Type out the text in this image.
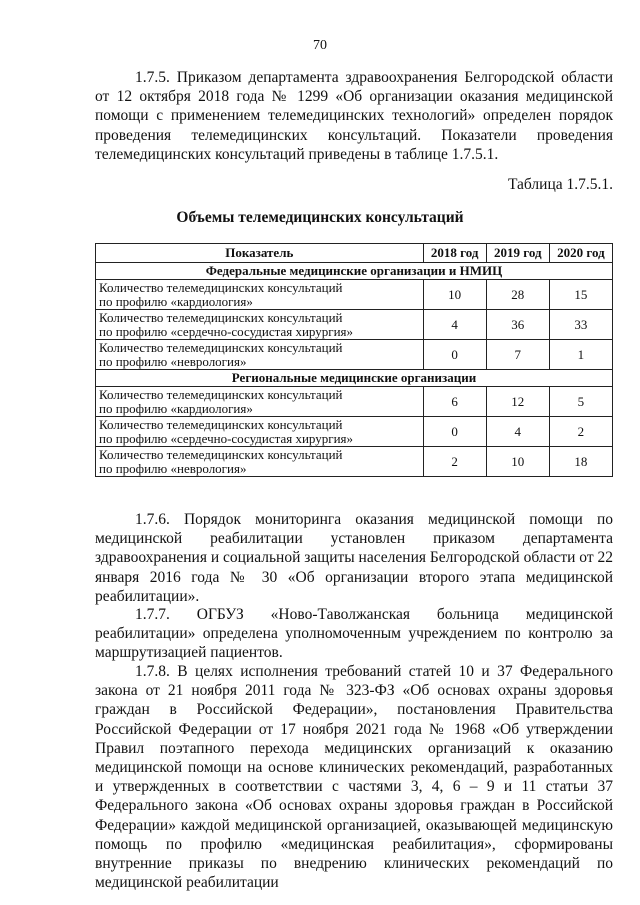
70

1.7.5. Приказом департамента здравоохранения Белгородской области от 12 октября 2018 года № 1299 «Об организации оказания медицинской помощи с применением телемедицинских технологий» определен порядок проведения телемедицинских консультаций. Показатели проведения телемедицинских консультаций приведены в таблице 1.7.5.1.

Таблица 1.7.5.1.
Объемы телемедицинских консультаций
Показатель	2018 год	2019 год	2020 год
Федеральные медицинские организации и НМИЦ			
Количество телемедицинских консультаций
по профилю «кардиология»	10	28	15
Количество телемедицинских консультаций
по профилю «сердечно-сосудистая хирургия»	4	36	33
Количество телемедицинских консультаций
по профилю «неврология»	0	7	1
Региональные медицинские организации			
Количество телемедицинских консультаций
по профилю «кардиология»	6	12	5
Количество телемедицинских консультаций
по профилю «сердечно-сосудистая хирургия»	0	4	2
Количество телемедицинских консультаций
по профилю «неврология»	2	10	18

1.7.6. Порядок мониторинга оказания медицинской помощи по медицинской реабилитации установлен приказом департамента здравоохранения и социальной защиты населения Белгородской области от 22 января 2016 года № 30 «Об организации второго этапа медицинской реабилитации».

1.7.7. ОГБУЗ «Ново-Таволжанская больница медицинской реабилитации» определена уполномоченным учреждением по контролю за маршрутизацией пациентов.

1.7.8. В целях исполнения требований статей 10 и 37 Федерального закона от 21 ноября 2011 года № 323-ФЗ «Об основах охраны здоровья граждан в Российской Федерации», постановления Правительства Российской Федерации от 17 ноября 2021 года № 1968 «Об утверждении Правил поэтапного перехода медицинских организаций к оказанию медицинской помощи на основе клинических рекомендаций, разработанных и утвержденных в соответствии с частями 3, 4, 6 – 9 и 11 статьи 37 Федерального закона «Об основах охраны здоровья граждан в Российской Федерации» каждой медицинской организацией, оказывающей медицинскую помощь по профилю «медицинская реабилитация», сформированы внутренние приказы по внедрению клинических рекомендаций по медицинской реабилитации
